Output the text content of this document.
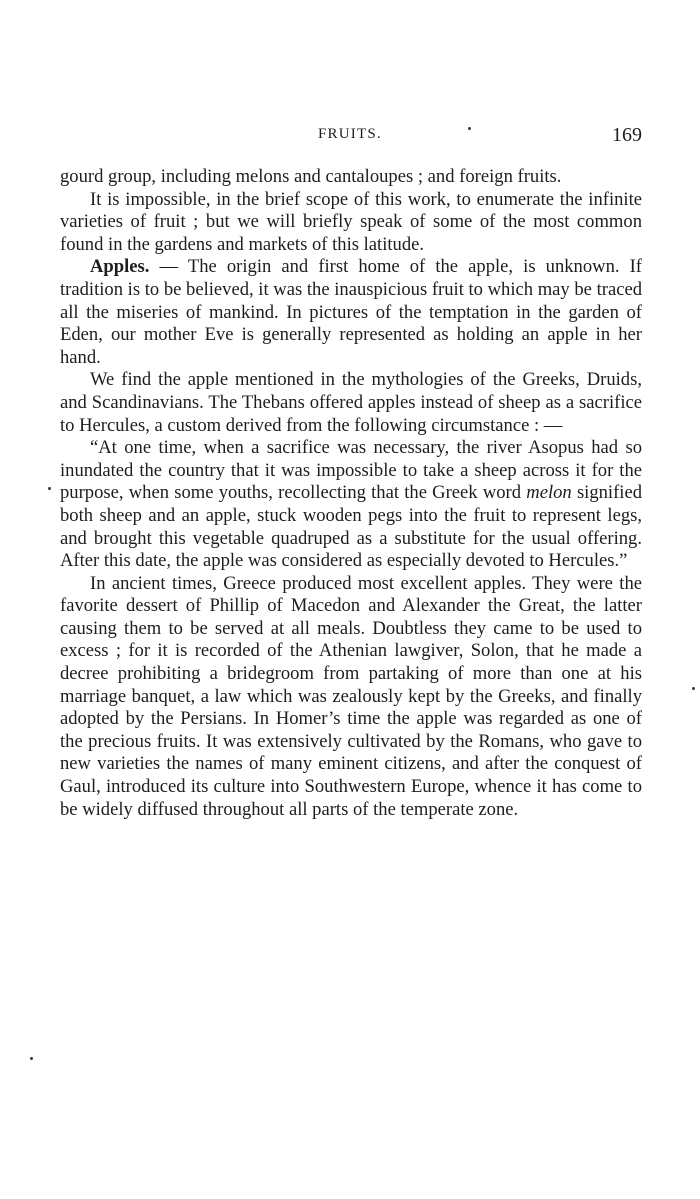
FRUITS.	169

gourd group, including melons and cantaloupes ; and foreign fruits.

It is impossible, in the brief scope of this work, to enumerate the infinite varieties of fruit ; but we will briefly speak of some of the most common found in the gardens and markets of this latitude.

Apples. — The origin and first home of the apple, is unknown. If tradition is to be believed, it was the inauspicious fruit to which may be traced all the miseries of mankind. In pictures of the temptation in the garden of Eden, our mother Eve is generally represented as holding an apple in her hand.

We find the apple mentioned in the mythologies of the Greeks, Druids, and Scandinavians. The Thebans offered apples instead of sheep as a sacrifice to Hercules, a custom derived from the following circumstance : —

“At one time, when a sacrifice was necessary, the river Asopus had so inundated the country that it was impossible to take a sheep across it for the purpose, when some youths, recollecting that the Greek word melon signified both sheep and an apple, stuck wooden pegs into the fruit to represent legs, and brought this vegetable quadruped as a substitute for the usual offering. After this date, the apple was considered as especially devoted to Hercules.”

In ancient times, Greece produced most excellent apples. They were the favorite dessert of Phillip of Macedon and Alexander the Great, the latter causing them to be served at all meals. Doubtless they came to be used to excess ; for it is recorded of the Athenian lawgiver, Solon, that he made a decree prohibiting a bridegroom from partaking of more than one at his marriage banquet, a law which was zealously kept by the Greeks, and finally adopted by the Persians. In Homer’s time the apple was regarded as one of the precious fruits. It was extensively cultivated by the Romans, who gave to new varieties the names of many eminent citizens, and after the conquest of Gaul, introduced its culture into Southwestern Europe, whence it has come to be widely diffused throughout all parts of the temperate zone.
